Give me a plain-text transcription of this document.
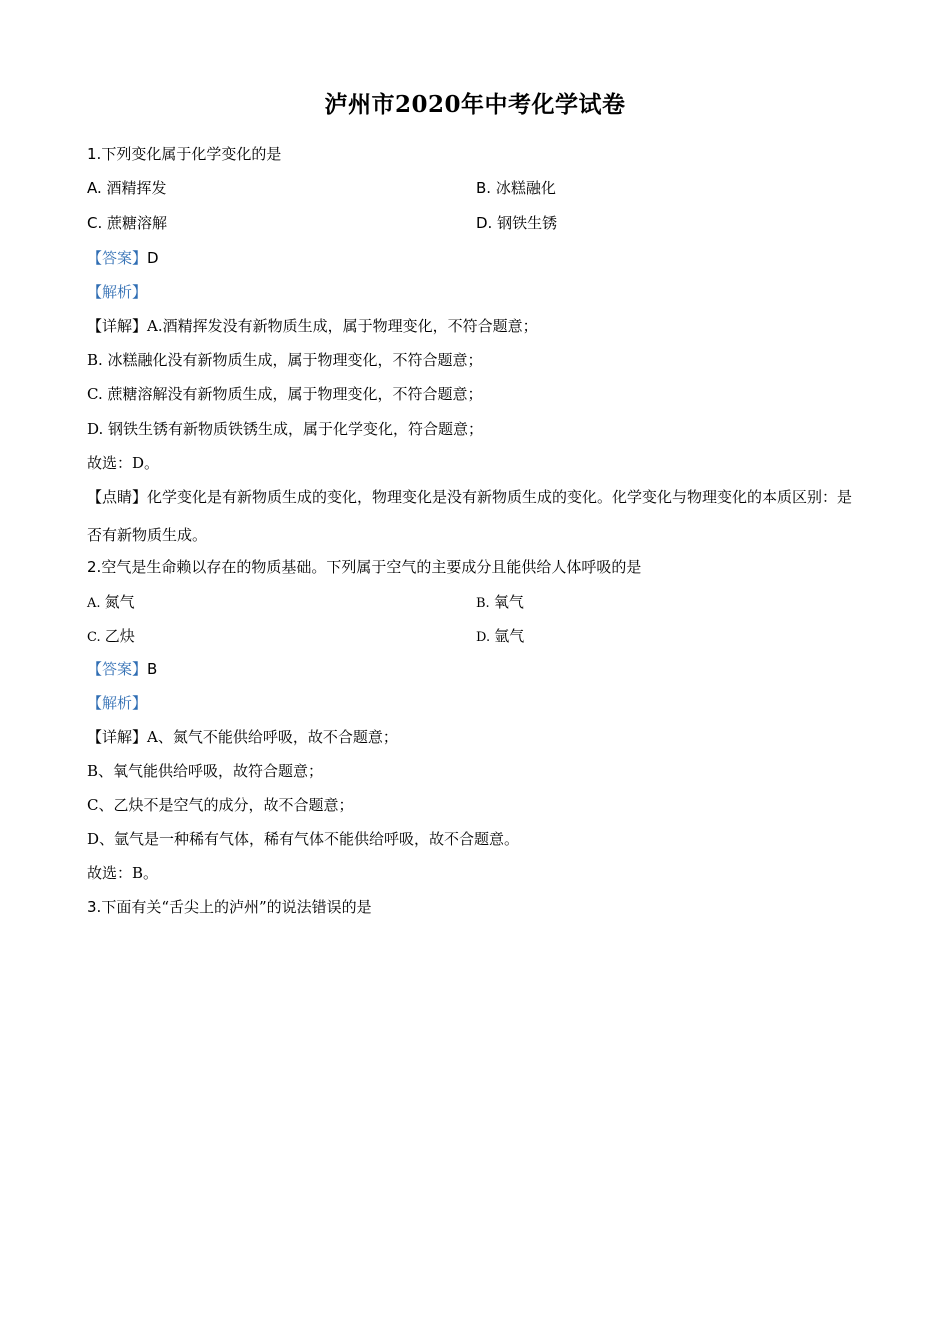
泸州市2020年中考化学试卷
1.下列变化属于化学变化的是
A. 酒精挥发	B. 冰糕融化
C. 蔗糖溶解	D. 钢铁生锈
【答案】D
【解析】
【详解】A.酒精挥发没有新物质生成，属于物理变化，不符合题意；
B. 冰糕融化没有新物质生成，属于物理变化，不符合题意；
C. 蔗糖溶解没有新物质生成，属于物理变化，不符合题意；
D. 钢铁生锈有新物质铁锈生成，属于化学变化，符合题意；
故选：D。
【点睛】化学变化是有新物质生成的变化，物理变化是没有新物质生成的变化。化学变化与物理变化的本质区别：是否有新物质生成。
2.空气是生命赖以存在的物质基础。下列属于空气的主要成分且能供给人体呼吸的是
A. 氮气	B. 氧气
C. 乙炔	D. 氩气
【答案】B
【解析】
【详解】A、氮气不能供给呼吸，故不合题意；
B、氧气能供给呼吸，故符合题意；
C、乙炔不是空气的成分，故不合题意；
D、氩气是一种稀有气体，稀有气体不能供给呼吸，故不合题意。
故选：B。
3.下面有关“舌尖上的泸州”的说法错误的是
